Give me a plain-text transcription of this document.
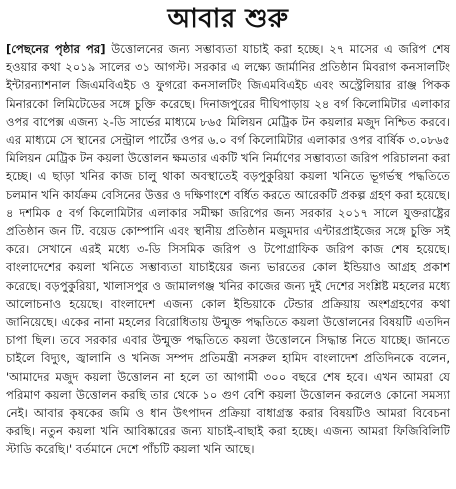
আবার শুরু
[পেছনের পৃষ্ঠার পর] উত্তোলনের জন্য সম্ভাব্যতা যাচাই করা হচ্ছে। ২৭ মাসের এ জরিপ শেষ হওয়ার কথা ২০১৯ সালের ৩১ আগস্ট। সরকার এ লক্ষ্যে জার্মানির প্রতিষ্ঠান মিবরাগ কনসালটিং ইন্টারন্যাশনাল জিএমবিএইচ ও ফুগরো কনসালটিং জিএমবিএইচ এবং অস্ট্রেলিয়ার রাঞ্জ পিকক মিনারকো লিমিটেডের সঙ্গে চুক্তি করেছে। দিনাজপুরের দীঘিপাড়ায় ২৪ বর্গ কিলোমিটার এলাকার ওপর বাপেক্স এজন্য ২-ডি সার্ভের মাধ্যমে ৮৬৫ মিলিয়ন মেট্রিক টন কয়লার মজুদ নিশ্চিত করবে। এর মাধ্যমে সে স্থানের সেন্ট্রাল পার্টের ওপর ৬.০ বর্গ কিলোমিটার এলাকার ওপর বার্ষিক ৩.০৮৬৫ মিলিয়ন মেট্রিক টন কয়লা উত্তোলন ক্ষমতার একটি খনি নির্মাণের সম্ভাব্যতা জরিপ পরিচালনা করা হচ্ছে। এ ছাড়া খনির কাজ চালু থাকা অবস্থাতেই বড়পুকুরিয়া কয়লা খনিতে ভূগর্ভস্থ পদ্ধতিতে চলমান খনি কার্যক্রম বেসিনের উত্তর ও দক্ষিণাংশে বর্ধিত করতে আরেকটি প্রকল্প গ্রহণ করা হয়েছে। ৪ দশমিক ৫ বর্গ কিলোমিটার এলাকার সমীক্ষা জরিপের জন্য সরকার ২০১৭ সালে যুক্তরাষ্ট্রের প্রতিষ্ঠান জন টি. বয়েড কোম্পানি এবং স্থানীয় প্রতিষ্ঠান মজুমদার এন্টারপ্রাইজের সঙ্গে চুক্তি সই করে। সেখানে এরই মধ্যে ৩-ডি সিসমিক জরিপ ও টপোগ্রাফিক জরিপ কাজ শেষ হয়েছে। বাংলাদেশের কয়লা খনিতে সম্ভাব্যতা যাচাইয়ের জন্য ভারতের কোল ইন্ডিয়াও আগ্রহ প্রকাশ করেছে। বড়পুকুরিয়া, খালাসপুর ও জামালগঞ্জ খনির কাজের জন্য দুই দেশের সংশ্লিষ্ট মহলের মধ্যে আলোচনাও হয়েছে। বাংলাদেশ এজন্য কোল ইন্ডিয়াকে টেন্ডার প্রক্রিয়ায় অংশগ্রহণের কথা জানিয়েছে। একের নানা মহলের বিরোধিতায় উন্মুক্ত পদ্ধতিতে কয়লা উত্তোলনের বিষয়টি এতদিন চাপা ছিল। তবে সরকার এবার উন্মুক্ত পদ্ধতিতে কয়লা উত্তোলনে সিদ্ধান্ত নিতে যাচ্ছে। জানতে চাইলে বিদ্যুৎ, জ্বালানি ও খনিজ সম্পদ প্রতিমন্ত্রী নসরুল হামিদ বাংলাদেশ প্রতিদিনকে বলেন, 'আমাদের মজুদ কয়লা উত্তোলন না হলে তা আগামী ৩০০ বছরে শেষ হবে। এখন আমরা যে পরিমাণ কয়লা উত্তোলন করছি তার থেকে ১০ গুণ বেশি কয়লা উত্তোলন করলেও কোনো সমস্যা নেই। আবার কৃষকের জমি ও ধান উৎপাদন প্রক্রিয়া বাধাগ্রস্ত করার বিষয়টিও আমরা বিবেচনা করছি। নতুন কয়লা খনি আবিষ্কারের জন্য যাচাই-বাছাই করা হচ্ছে। এজন্য আমরা ফিজিবিলিটি স্টাডি করেছি।' বর্তমানে দেশে পাঁচটি কয়লা খনি আছে।
